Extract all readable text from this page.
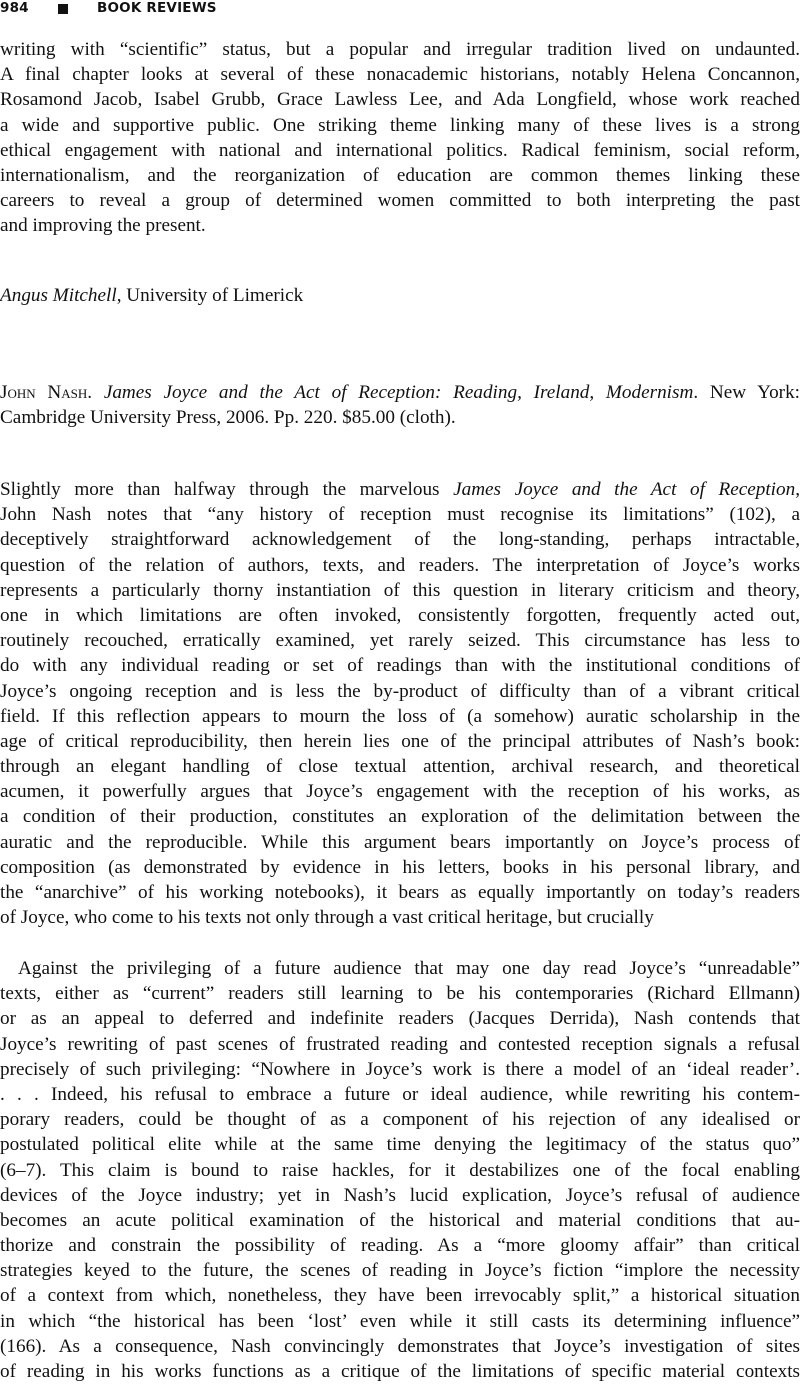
984	BOOK REVIEWS
writing with “scientific” status, but a popular and irregular tradition lived on undaunted.
A final chapter looks at several of these nonacademic historians, notably Helena Concannon,
Rosamond Jacob, Isabel Grubb, Grace Lawless Lee, and Ada Longfield, whose work reached
a wide and supportive public. One striking theme linking many of these lives is a strong
ethical engagement with national and international politics. Radical feminism, social reform,
internationalism, and the reorganization of education are common themes linking these
careers to reveal a group of determined women committed to both interpreting the past
and improving the present.
Angus Mitchell, University of Limerick
John Nash. James Joyce and the Act of Reception: Reading, Ireland, Modernism. New York:
Cambridge University Press, 2006. Pp. 220. $85.00 (cloth).
Slightly more than halfway through the marvelous James Joyce and the Act of Reception,
John Nash notes that “any history of reception must recognise its limitations” (102), a
deceptively straightforward acknowledgement of the long-standing, perhaps intractable,
question of the relation of authors, texts, and readers. The interpretation of Joyce’s works
represents a particularly thorny instantiation of this question in literary criticism and theory,
one in which limitations are often invoked, consistently forgotten, frequently acted out,
routinely recouched, erratically examined, yet rarely seized. This circumstance has less to
do with any individual reading or set of readings than with the institutional conditions of
Joyce’s ongoing reception and is less the by-product of difficulty than of a vibrant critical
field. If this reflection appears to mourn the loss of (a somehow) auratic scholarship in the
age of critical reproducibility, then herein lies one of the principal attributes of Nash’s book:
through an elegant handling of close textual attention, archival research, and theoretical
acumen, it powerfully argues that Joyce’s engagement with the reception of his works, as
a condition of their production, constitutes an exploration of the delimitation between the
auratic and the reproducible. While this argument bears importantly on Joyce’s process of
composition (as demonstrated by evidence in his letters, books in his personal library, and
the “anarchive” of his working notebooks), it bears as equally importantly on today’s readers
of Joyce, who come to his texts not only through a vast critical heritage, but crucially
Against the privileging of a future audience that may one day read Joyce’s “unreadable”
texts, either as “current” readers still learning to be his contemporaries (Richard Ellmann)
or as an appeal to deferred and indefinite readers (Jacques Derrida), Nash contends that
Joyce’s rewriting of past scenes of frustrated reading and contested reception signals a refusal
precisely of such privileging: “Nowhere in Joyce’s work is there a model of an ‘ideal reader’.
. . . Indeed, his refusal to embrace a future or ideal audience, while rewriting his contem-
porary readers, could be thought of as a component of his rejection of any idealised or
postulated political elite while at the same time denying the legitimacy of the status quo”
(6–7). This claim is bound to raise hackles, for it destabilizes one of the focal enabling
devices of the Joyce industry; yet in Nash’s lucid explication, Joyce’s refusal of audience
becomes an acute political examination of the historical and material conditions that au-
thorize and constrain the possibility of reading. As a “more gloomy affair” than critical
strategies keyed to the future, the scenes of reading in Joyce’s fiction “implore the necessity
of a context from which, nonetheless, they have been irrevocably split,” a historical situation
in which “the historical has been ‘lost’ even while it still casts its determining influence”
(166). As a consequence, Nash convincingly demonstrates that Joyce’s investigation of sites
of reading in his works functions as a critique of the limitations of specific material contexts
